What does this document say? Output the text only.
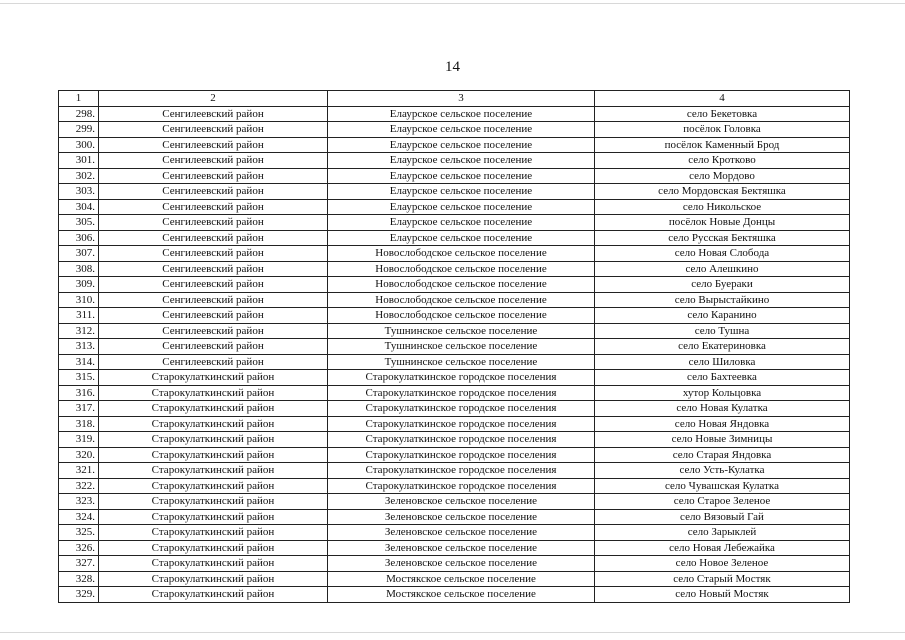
14
1	2	3	4
298.	Сенгилеевский район	Елаурское сельское поселение	село Бекетовка
299.	Сенгилеевский район	Елаурское сельское поселение	посёлок Головка
300.	Сенгилеевский район	Елаурское сельское поселение	посёлок Каменный Брод
301.	Сенгилеевский район	Елаурское сельское поселение	село Кротково
302.	Сенгилеевский район	Елаурское сельское поселение	село Мордово
303.	Сенгилеевский район	Елаурское сельское поселение	село Мордовская Бектяшка
304.	Сенгилеевский район	Елаурское сельское поселение	село Никольское
305.	Сенгилеевский район	Елаурское сельское поселение	посёлок Новые Донцы
306.	Сенгилеевский район	Елаурское сельское поселение	село Русская Бектяшка
307.	Сенгилеевский район	Новослободское сельское поселение	село Новая Слобода
308.	Сенгилеевский район	Новослободское сельское поселение	село Алешкино
309.	Сенгилеевский район	Новослободское сельское поселение	село Буераки
310.	Сенгилеевский район	Новослободское сельское поселение	село Вырыстайкино
311.	Сенгилеевский район	Новослободское сельское поселение	село Каранино
312.	Сенгилеевский район	Тушнинское сельское поселение	село Тушна
313.	Сенгилеевский район	Тушнинское сельское поселение	село Екатериновка
314.	Сенгилеевский район	Тушнинское сельское поселение	село Шиловка
315.	Старокулаткинский район	Старокулаткинское городское поселения	село Бахтеевка
316.	Старокулаткинский район	Старокулаткинское городское поселения	хутор Кольцовка
317.	Старокулаткинский район	Старокулаткинское городское поселения	село Новая Кулатка
318.	Старокулаткинский район	Старокулаткинское городское поселения	село Новая Яндовка
319.	Старокулаткинский район	Старокулаткинское городское поселения	село Новые Зимницы
320.	Старокулаткинский район	Старокулаткинское городское поселения	село Старая Яндовка
321.	Старокулаткинский район	Старокулаткинское городское поселения	село Усть-Кулатка
322.	Старокулаткинский район	Старокулаткинское городское поселения	село Чувашская Кулатка
323.	Старокулаткинский район	Зеленовское сельское поселение	село Старое Зеленое
324.	Старокулаткинский район	Зеленовское сельское поселение	село Вязовый Гай
325.	Старокулаткинский район	Зеленовское сельское поселение	село Зарыклей
326.	Старокулаткинский район	Зеленовское сельское поселение	село Новая Лебежайка
327.	Старокулаткинский район	Зеленовское сельское поселение	село Новое Зеленое
328.	Старокулаткинский район	Мостякское сельское поселение	село Старый Мостяк
329.	Старокулаткинский район	Мостякское сельское поселение	село Новый Мостяк
